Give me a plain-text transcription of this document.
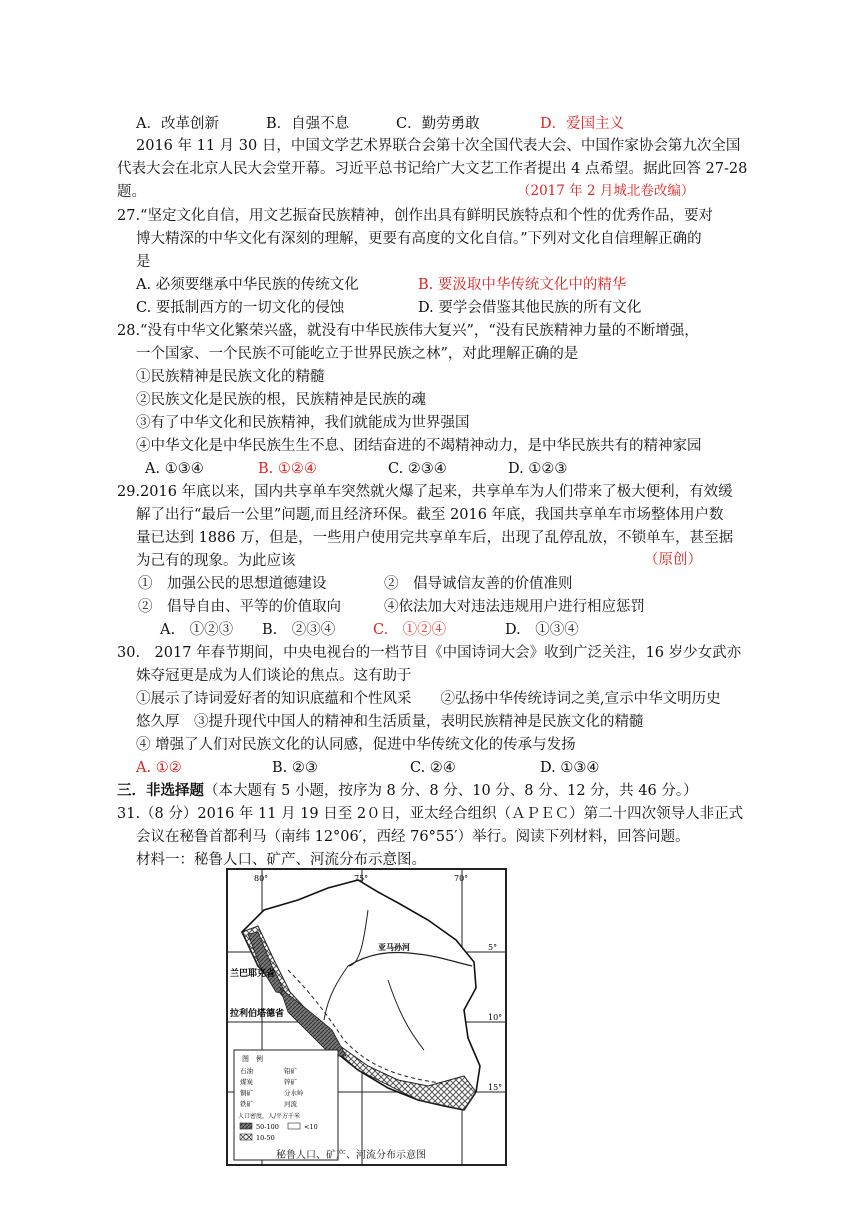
A．改革创新	B．自强不息	C．勤劳勇敢	D．爱国主义
2016 年 11 月 30 日，中国文学艺术界联合会第十次全国代表大会、中国作家协会第九次全国
代表大会在北京人民大会堂开幕。习近平总书记给广大文艺工作者提出 4 点希望。据此回答 27-28
题。	（2017 年 2 月城北卷改编）
27.“坚定文化自信，用文艺振奋民族精神，创作出具有鲜明民族特点和个性的优秀作品，要对
博大精深的中华文化有深刻的理解，更要有高度的文化自信。”下列对文化自信理解正确的
是
A. 必须要继承中华民族的传统文化	B. 要汲取中华传统文化中的精华
C. 要抵制西方的一切文化的侵蚀	D. 要学会借鉴其他民族的所有文化
28.“没有中华文化繁荣兴盛，就没有中华民族伟大复兴”，“没有民族精神力量的不断增强，
一个国家、一个民族不可能屹立于世界民族之林”，对此理解正确的是
①民族精神是民族文化的精髓
②民族文化是民族的根，民族精神是民族的魂
③有了中华文化和民族精神，我们就能成为世界强国
④中华文化是中华民族生生不息、团结奋进的不竭精神动力，是中华民族共有的精神家园
A. ①③④	B. ①②④	C. ②③④	D. ①②③
29.2016 年底以来，国内共享单车突然就火爆了起来，共享单车为人们带来了极大便利，有效缓
解了出行“最后一公里”问题,而且经济环保。截至 2016 年底，我国共享单车市场整体用户数
量已达到 1886 万，但是，一些用户使用完共享单车后，出现了乱停乱放，不锁单车，甚至据
为己有的现象。为此应该	（原创）
①　加强公民的思想道德建设	②　倡导诚信友善的价值准则
②　倡导自由、平等的价值取向	④依法加大对违法违规用户进行相应惩罚
A.　①②③ B.　②③④	C.　①②④	D.　①③④
30.　2017 年春节期间，中央电视台的一档节目《中国诗词大会》收到广泛关注，16 岁少女武亦
姝夺冠更是成为人们谈论的焦点。这有助于
①展示了诗词爱好者的知识底蕴和个性风采　　②弘扬中华传统诗词之美,宣示中华文明历史
悠久厚　③提升现代中国人的精神和生活质量，表明民族精神是民族文化的精髓
④ 增强了人们对民族文化的认同感，促进中华传统文化的传承与发扬
A. ①②	B. ②③	C. ②④	D. ①③④
三．非选择题（本大题有 5 小题，按序为 8 分、8 分、10 分、8 分、12 分，共 46 分。）
31.（8 分）2016 年 11 月 19 日至 2０日，亚太经合组织（ＡＰＥＣ）第二十四次领导人非正式
会议在秘鲁首都利马（南纬 12°06′，西经 76°55′）举行。阅读下列材料，回答问题。
材料一：秘鲁人口、矿产、河流分布示意图。
80°	75°	70°
5°
10°
15°
亚马孙河
兰巴耶克省
拉利伯塔德省
图　例
石油	铅矿
煤炭	锌矿
铜矿	分水岭
铁矿	河流
人口密度，人/平方千米
50-100	<10
10-50
秘鲁人口、矿产、河流分布示意图
